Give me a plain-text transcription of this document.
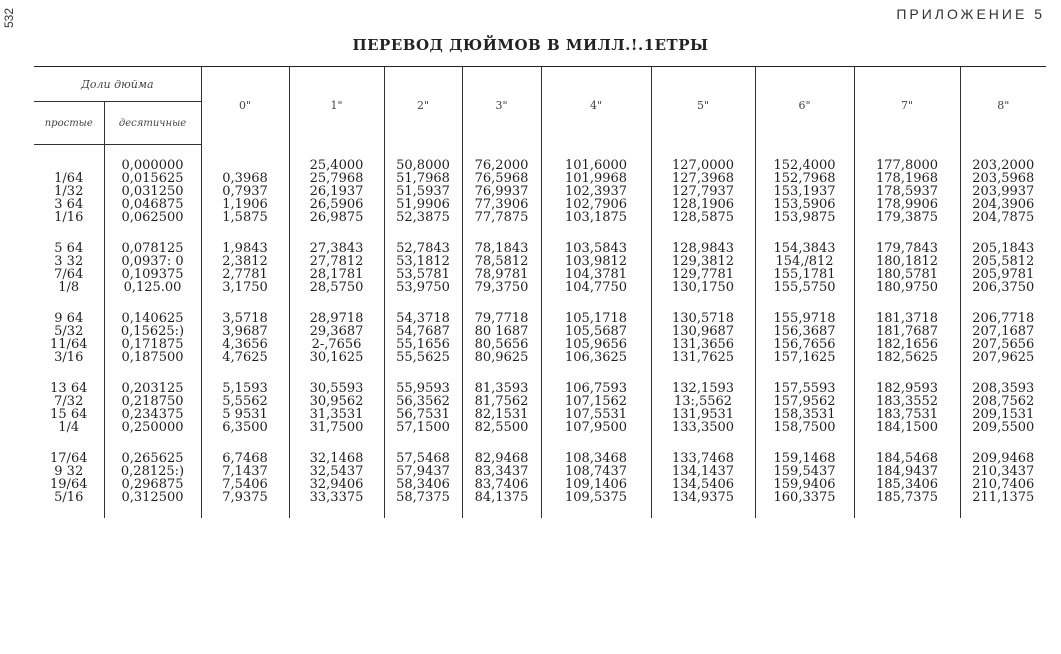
532	ПРИЛОЖЕНИЕ 5
ПЕРЕВОД ДЮЙМОВ В МИЛЛ.!.1ЕТРЫ
Доли дюйма		0"	1"	2"	3"	4"	5"	6"	7"	8"
простые	десятичные									

	0,000000		25,4000	50,8000	76,2000	101,6000	127,0000	152,4000	177,8000	203,2000
1/64	0,015625	0,3968	25,7968	51,7968	76,5968	101,9968	127,3968	152,7968	178,1968	203,5968
1/32	0,031250	0,7937	26,1937	51,5937	76,9937	102,3937	127,7937	153,1937	178,5937	203,9937
3 64	0,046875	1,1906	26,5906	51,9906	77,3906	102,7906	128,1906	153,5906	178,9906	204,3906
1/16	0,062500	1,5875	26,9875	52,3875	77,7875	103,1875	128,5875	153,9875	179,3875	204,7875

5 64	0,078125	1,9843	27,3843	52,7843	78,1843	103,5843	128,9843	154,3843	179,7843	205,1843
3 32	0,0937: 0	2,3812	27,7812	53,1812	78,5812	103,9812	129,3812	154,/812	180,1812	205,5812
7/64	0,109375	2,7781	28,1781	53,5781	78,9781	104,3781	129,7781	155,1781	180,5781	205,9781
1/8	0,125.00	3,1750	28,5750	53,9750	79,3750	104,7750	130,1750	155,5750	180,9750	206,3750

9 64	0,140625	3,5718	28,9718	54,3718	79,7718	105,1718	130,5718	155,9718	181,3718	206,7718
5/32	0,15625:)	3,9687	29,3687	54,7687	80 1687	105,5687	130,9687	156,3687	181,7687	207,1687
11/64	0,171875	4,3656	2-,7656	55,1656	80,5656	105,9656	131,3656	156,7656	182,1656	207,5656
3/16	0,187500	4,7625	30,1625	55,5625	80,9625	106,3625	131,7625	157,1625	182,5625	207,9625

13 64	0,203125	5,1593	30,5593	55,9593	81,3593	106,7593	132,1593	157,5593	182,9593	208,3593
7/32	0,218750	5,5562	30,9562	56,3562	81,7562	107,1562	13:,5562	157,9562	183,3552	208,7562
15 64	0,234375	5 9531	31,3531	56,7531	82,1531	107,5531	131,9531	158,3531	183,7531	209,1531
1/4	0,250000	6,3500	31,7500	57,1500	82,5500	107,9500	133,3500	158,7500	184,1500	209,5500

17/64	0,265625	6,7468	32,1468	57,5468	82,9468	108,3468	133,7468	159,1468	184,5468	209,9468
9 32	0,28125:)	7,1437	32,5437	57,9437	83,3437	108,7437	134,1437	159,5437	184,9437	210,3437
19/64	0,296875	7,5406	32,9406	58,3406	83,7406	109,1406	134,5406	159,9406	185,3406	210,7406
5/16	0,312500	7,9375	33,3375	58,7375	84,1375	109,5375	134,9375	160,3375	185,7375	211,1375
